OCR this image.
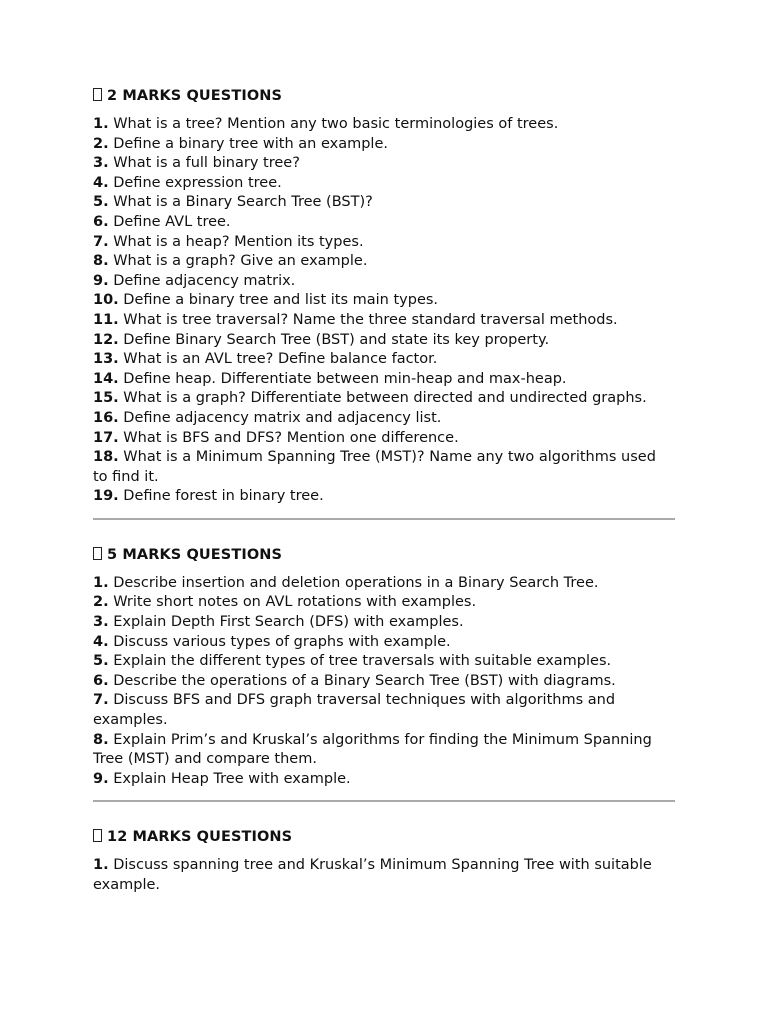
2 MARKS QUESTIONS
1. What is a tree? Mention any two basic terminologies of trees.
2. Define a binary tree with an example.
3. What is a full binary tree?
4. Define expression tree.
5. What is a Binary Search Tree (BST)?
6. Define AVL tree.
7. What is a heap? Mention its types.
8. What is a graph? Give an example.
9. Define adjacency matrix.
10. Define a binary tree and list its main types.
11. What is tree traversal? Name the three standard traversal methods.
12. Define Binary Search Tree (BST) and state its key property.
13. What is an AVL tree? Define balance factor.
14. Define heap. Differentiate between min-heap and max-heap.
15. What is a graph? Differentiate between directed and undirected graphs.
16. Define adjacency matrix and adjacency list.
17. What is BFS and DFS? Mention one difference.
18. What is a Minimum Spanning Tree (MST)? Name any two algorithms used to find it.
19. Define forest in binary tree.
5 MARKS QUESTIONS
1. Describe insertion and deletion operations in a Binary Search Tree.
2. Write short notes on AVL rotations with examples.
3. Explain Depth First Search (DFS) with examples.
4. Discuss various types of graphs with example.
5. Explain the different types of tree traversals with suitable examples.
6. Describe the operations of a Binary Search Tree (BST) with diagrams.
7. Discuss BFS and DFS graph traversal techniques with algorithms and examples.
8. Explain Prim’s and Kruskal’s algorithms for finding the Minimum Spanning Tree (MST) and compare them.
9. Explain Heap Tree with example.
12 MARKS QUESTIONS
1. Discuss spanning tree and Kruskal’s Minimum Spanning Tree with suitable example.
